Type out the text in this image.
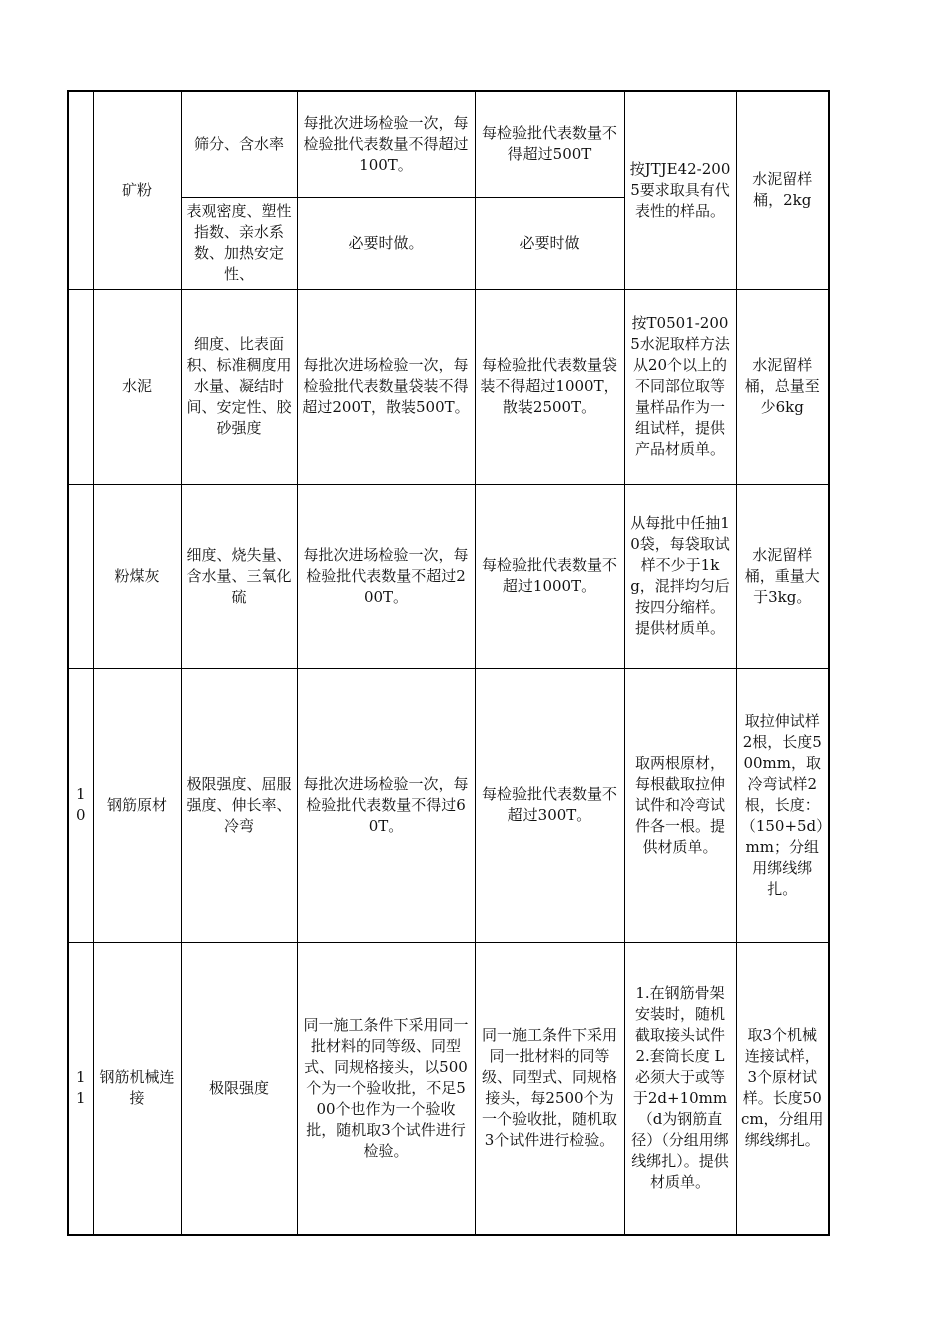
	矿粉	筛分、含水率	每批次进场检验一次，每检验批代表数量不得超过100T。	每检验批代表数量不得超过500T	按JTJE42-2005要求取具有代表性的样品。	水泥留样桶，2kg
		表观密度、塑性指数、亲水系数、加热安定性、	必要时做。	必要时做		
	水泥	细度、比表面积、标准稠度用水量、凝结时间、安定性、胶砂强度	每批次进场检验一次，每检验批代表数量袋装不得超过200T，散装500T。	每检验批代表数量袋装不得超过1000T，散装2500T。	按T0501-2005水泥取样方法从20个以上的不同部位取等量样品作为一组试样，提供产品材质单。	水泥留样桶，总量至少6kg
	粉煤灰	细度、烧失量、含水量、三氧化硫	每批次进场检验一次，每检验批代表数量不超过200T。	每检验批代表数量不超过1000T。	从每批中任抽10袋，每袋取试样不少于1kg，混拌均匀后按四分缩样。提供材质单。	水泥留样桶，重量大于3kg。
10	钢筋原材	极限强度、屈服强度、伸长率、冷弯	每批次进场检验一次，每检验批代表数量不得过60T。	每检验批代表数量不超过300T。	取两根原材，每根截取拉伸试件和冷弯试件各一根。提供材质单。	取拉伸试样2根，长度500mm，取冷弯试样2根，长度：（150+5d）mm；分组用绑线绑扎。
11	钢筋机械连接	极限强度	同一施工条件下采用同一批材料的同等级、同型式、同规格接头，以500个为一个验收批，不足500个也作为一个验收批，随机取3个试件进行检验。	同一施工条件下采用同一批材料的同等级、同型式、同规格接头，每2500个为一个验收批，随机取3个试件进行检验。	1.在钢筋骨架安装时，随机截取接头试件2.套筒长度 L必须大于或等于2d+10mm（d为钢筋直径）（分组用绑线绑扎）。提供材质单。	取3个机械连接试样，3个原材试样。长度50cm，分组用绑线绑扎。
